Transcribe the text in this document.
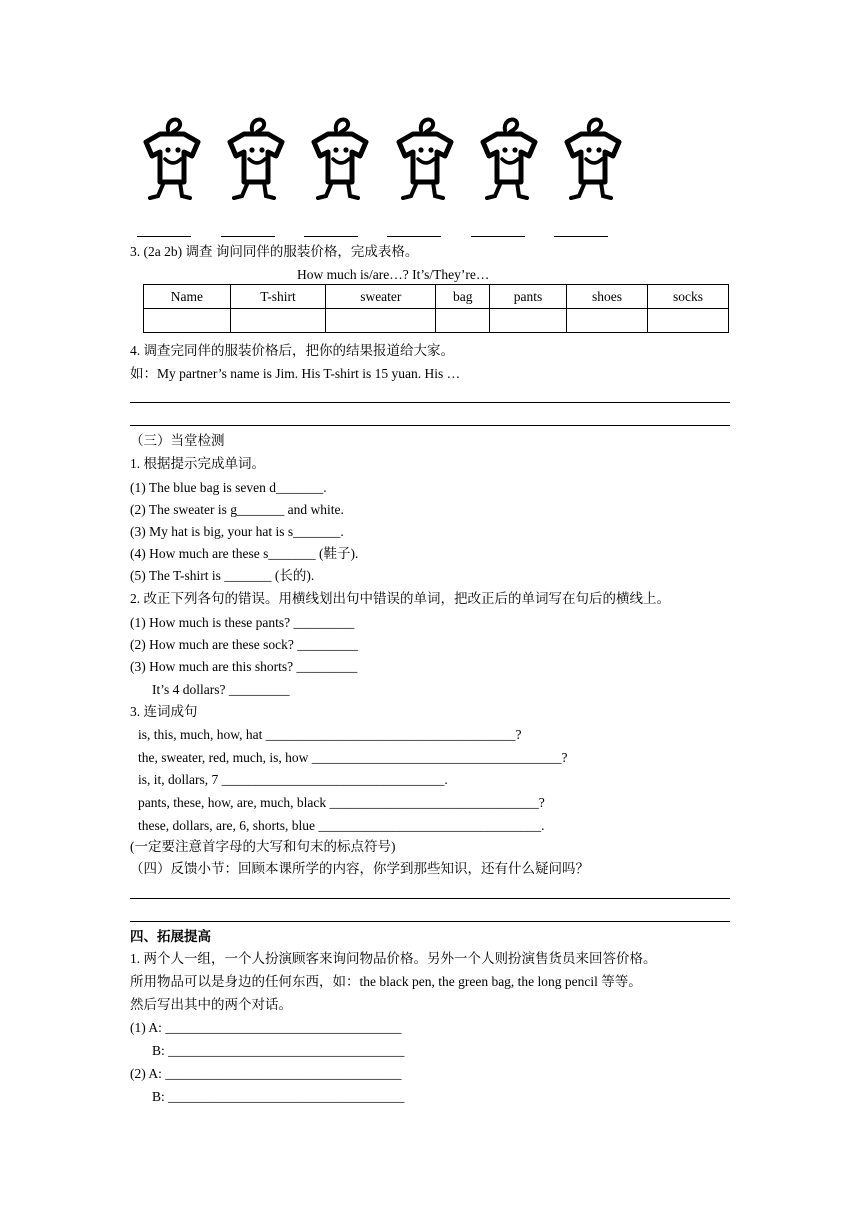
3. (2a 2b) 调查 询问同伴的服装价格，完成表格。
How much is/are…? It’s/They’re…
Name	T-shirt	sweater	bag	pants	shoes	socks

4. 调查完同伴的服装价格后，把你的结果报道给大家。
如：My partner’s name is Jim. His T-shirt is 15 yuan. His …
（三）当堂检测
1. 根据提示完成单词。
(1) The blue bag is seven d_______.
(2) The sweater is g_______ and white.
(3) My hat is big, your hat is s_______.
(4) How much are these s_______ (鞋子).
(5) The T-shirt is _______ (长的).
2. 改正下列各句的错误。用横线划出句中错误的单词，把改正后的单词写在句后的横线上。
(1) How much is these pants? _________
(2) How much are these sock? _________
(3) How much are this shorts? _________
It’s 4 dollars? _________
3. 连词成句
is, this, much, how, hat _____________________________________?
the, sweater, red, much, is, how _____________________________________?
is, it, dollars, 7 _________________________________.
pants, these, how, are, much, black _______________________________?
these, dollars, are, 6, shorts, blue _________________________________.
(一定要注意首字母的大写和句末的标点符号)
（四）反馈小节：回顾本课所学的内容，你学到那些知识，还有什么疑问吗？
四、拓展提高
1. 两个人一组，一个人扮演顾客来询问物品价格。另外一个人则扮演售货员来回答价格。
所用物品可以是身边的任何东西，如：the black pen, the green bag, the long pencil 等等。
然后写出其中的两个对话。
(1) A: ___________________________________
B: ___________________________________
(2) A: ___________________________________
B: ___________________________________
